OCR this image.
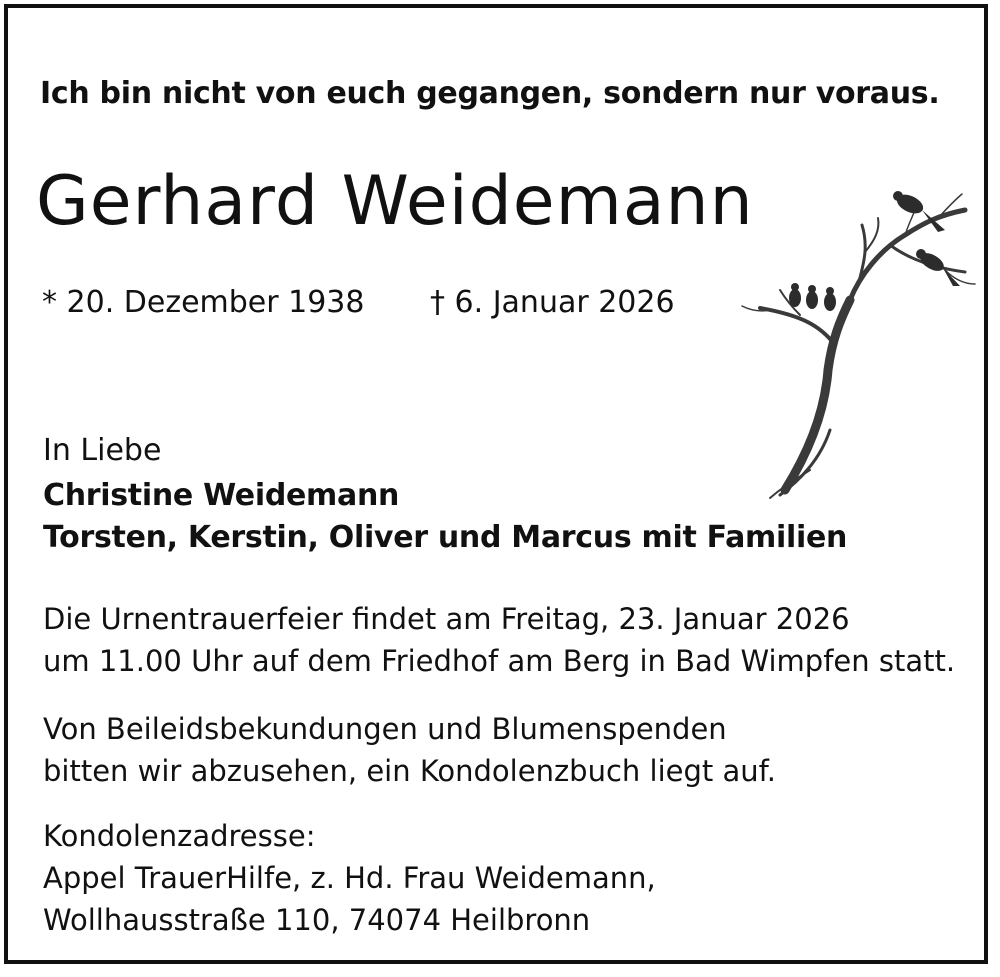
Ich bin nicht von euch gegangen, sondern nur voraus.
Gerhard Weidemann
* 20. Dezember 1938 † 6. Januar 2026
In Liebe
Christine Weidemann
Torsten, Kerstin, Oliver und Marcus mit Familien
Die Urnentrauerfeier findet am Freitag, 23. Januar 2026
um 11.00 Uhr auf dem Friedhof am Berg in Bad Wimpfen statt.
Von Beileidsbekundungen und Blumenspenden
bitten wir abzusehen, ein Kondolenzbuch liegt auf.
Kondolenzadresse:
Appel TrauerHilfe, z. Hd. Frau Weidemann,
Wollhausstraße 110, 74074 Heilbronn
